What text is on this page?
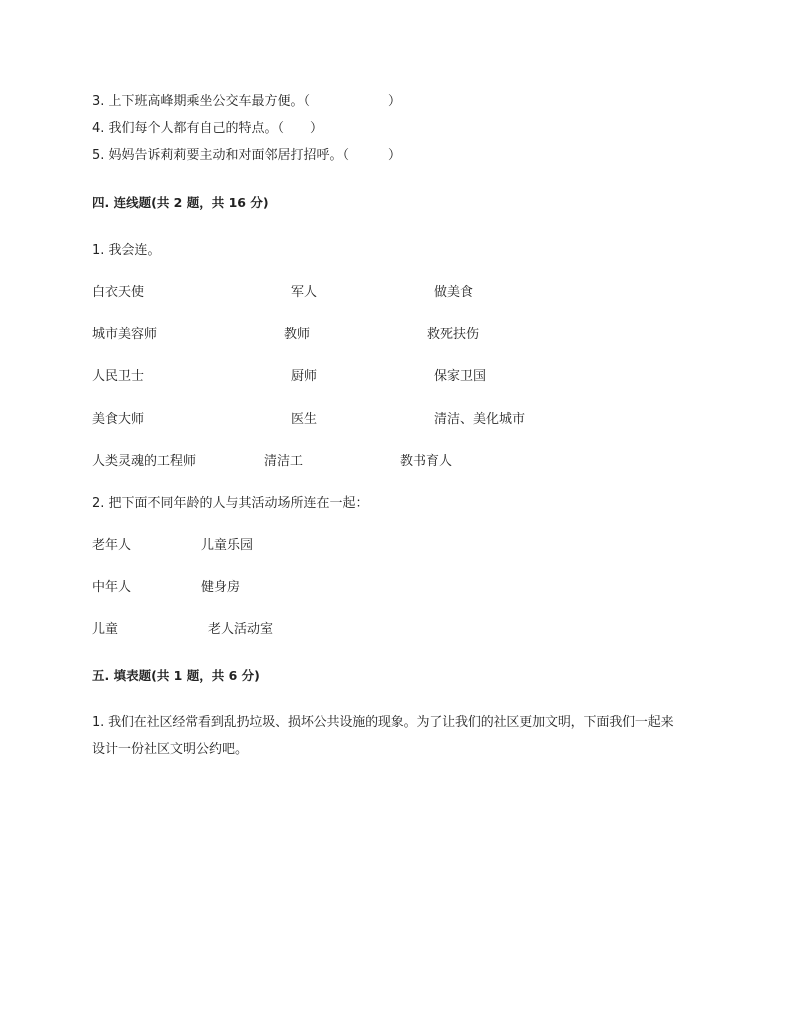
3. 上下班高峰期乘坐公交车最方便。（　　　　　　）
4. 我们每个人都有自己的特点。（　　）
5. 妈妈告诉莉莉要主动和对面邻居打招呼。（　　　）
四. 连线题(共 2 题，共 16 分)
1. 我会连。
白衣天使	军人	做美食
城市美容师	教师	救死扶伤
人民卫士	厨师	保家卫国
美食大师	医生	清洁、美化城市
人类灵魂的工程师	清洁工	教书育人
2. 把下面不同年龄的人与其活动场所连在一起：
老年人	儿童乐园
中年人	健身房
儿童	老人活动室
五. 填表题(共 1 题，共 6 分)
1. 我们在社区经常看到乱扔垃圾、损坏公共设施的现象。为了让我们的社区更加文明，下面我们一起来
设计一份社区文明公约吧。
